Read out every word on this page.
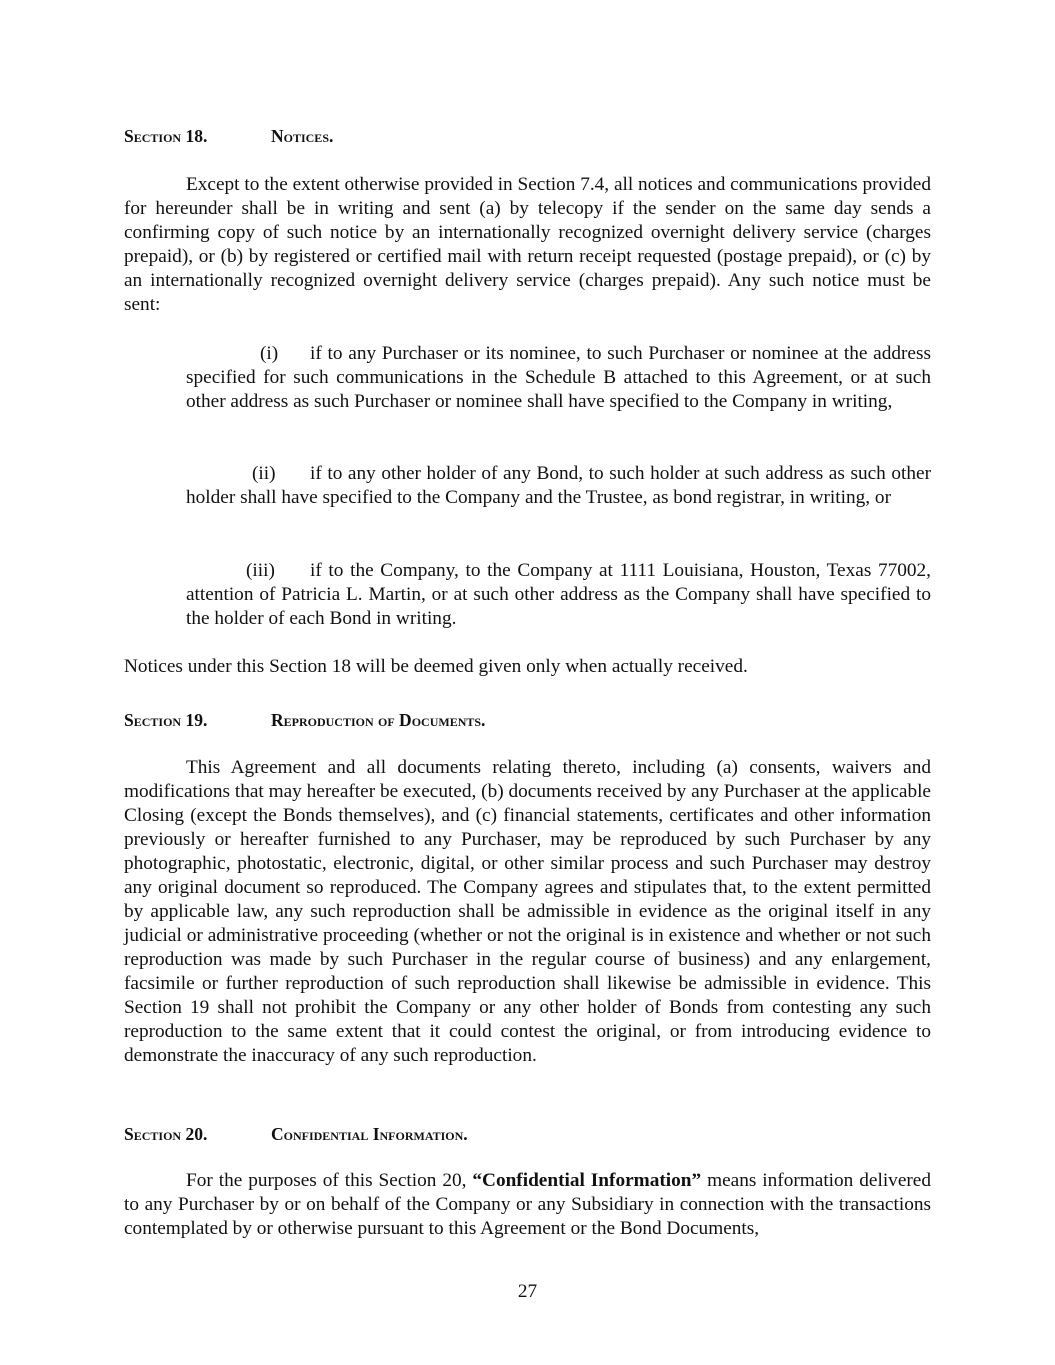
Section 18.	Notices.

Except to the extent otherwise provided in Section 7.4, all notices and communications provided for hereunder shall be in writing and sent (a) by telecopy if the sender on the same day sends a confirming copy of such notice by an internationally recognized overnight delivery service (charges prepaid), or (b) by registered or certified mail with return receipt requested (postage prepaid), or (c) by an internationally recognized overnight delivery service (charges prepaid). Any such notice must be sent:

(i) if to any Purchaser or its nominee, to such Purchaser or nominee at the address specified for such communications in the Schedule B attached to this Agreement, or at such other address as such Purchaser or nominee shall have specified to the Company in writing,

(ii) if to any other holder of any Bond, to such holder at such address as such other holder shall have specified to the Company and the Trustee, as bond registrar, in writing, or

(iii) if to the Company, to the Company at 1111 Louisiana, Houston, Texas 77002, attention of Patricia L. Martin, or at such other address as the Company shall have specified to the holder of each Bond in writing.

Notices under this Section 18 will be deemed given only when actually received.

Section 19.	Reproduction of Documents.

This Agreement and all documents relating thereto, including (a) consents, waivers and modifications that may hereafter be executed, (b) documents received by any Purchaser at the applicable Closing (except the Bonds themselves), and (c) financial statements, certificates and other information previously or hereafter furnished to any Purchaser, may be reproduced by such Purchaser by any photographic, photostatic, electronic, digital, or other similar process and such Purchaser may destroy any original document so reproduced. The Company agrees and stipulates that, to the extent permitted by applicable law, any such reproduction shall be admissible in evidence as the original itself in any judicial or administrative proceeding (whether or not the original is in existence and whether or not such reproduction was made by such Purchaser in the regular course of business) and any enlargement, facsimile or further reproduction of such reproduction shall likewise be admissible in evidence. This Section 19 shall not prohibit the Company or any other holder of Bonds from contesting any such reproduction to the same extent that it could contest the original, or from introducing evidence to demonstrate the inaccuracy of any such reproduction.

Section 20.	Confidential Information.

For the purposes of this Section 20, “Confidential Information” means information delivered to any Purchaser by or on behalf of the Company or any Subsidiary in connection with the transactions contemplated by or otherwise pursuant to this Agreement or the Bond Documents,

27
